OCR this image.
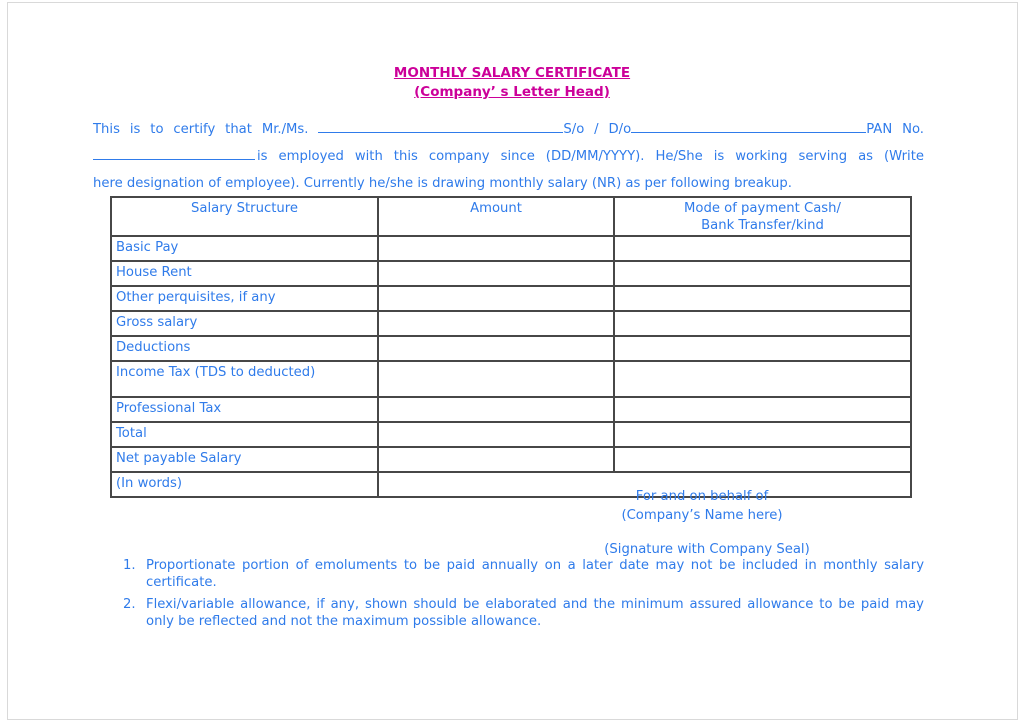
MONTHLY SALARY CERTIFICATE
(Company’ s Letter Head)
This is to certify that Mr./Ms.	S/o / D/o	PAN No.
is employed with this company since (DD/MM/YYYY). He/She is working serving as (Write
here designation of employee). Currently he/she is drawing monthly salary (NR) as per following breakup.
Salary Structure	Amount	Mode of payment Cash/
Bank Transfer/kind
Basic Pay		
House Rent		
Other perquisites, if any		
Gross salary		
Deductions		
Income Tax (TDS to deducted)		
Professional Tax		
Total		
Net payable Salary		
(In words)		
For and on behalf of
(Company’s Name here)
(Signature with Company Seal)
1. Proportionate portion of emoluments to be paid annually on a later date may not be included in monthly salary certificate.
2. Flexi/variable allowance, if any, shown should be elaborated and the minimum assured allowance to be paid may only be reflected and not the maximum possible allowance.
